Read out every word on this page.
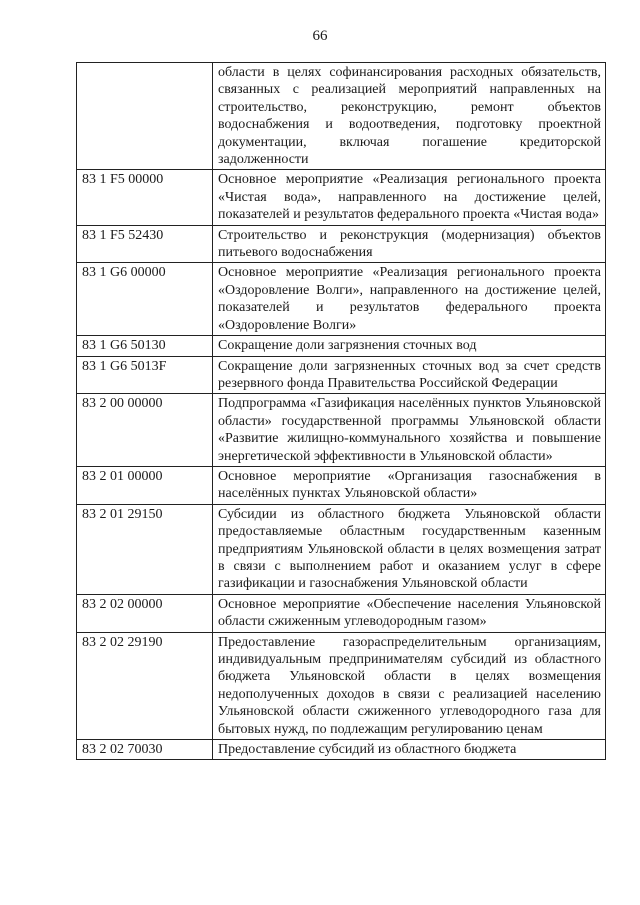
66
	области в целях софинансирования расходных обязательств, связанных с реализацией мероприятий направленных на строительство, реконструкцию, ремонт объектов водоснабжения и водоотведения, подготовку проектной документации, включая погашение кредиторской задолженности
83 1 F5 00000	Основное мероприятие «Реализация регионального проекта «Чистая вода», направленного на достижение целей, показателей и результатов федерального проекта «Чистая вода»
83 1 F5 52430	Строительство и реконструкция (модернизация) объектов питьевого водоснабжения
83 1 G6 00000	Основное мероприятие «Реализация регионального проекта «Оздоровление Волги», направленного на достижение целей, показателей и результатов федерального проекта «Оздоровление Волги»
83 1 G6 50130	Сокращение доли загрязнения сточных вод
83 1 G6 5013F	Сокращение доли загрязненных сточных вод за счет средств резервного фонда Правительства Российской Федерации
83 2 00 00000	Подпрограмма «Газификация населённых пунктов Ульяновской области» государственной программы Ульяновской области «Развитие жилищно-коммунального хозяйства и повышение энергетической эффективности в Ульяновской области»
83 2 01 00000	Основное мероприятие «Организация газоснабжения в населённых пунктах Ульяновской области»
83 2 01 29150	Субсидии из областного бюджета Ульяновской области предоставляемые областным государственным казенным предприятиям Ульяновской области в целях возмещения затрат в связи с выполнением работ и оказанием услуг в сфере газификации и газоснабжения Ульяновской области
83 2 02 00000	Основное мероприятие «Обеспечение населения Ульяновской области сжиженным углеводородным газом»
83 2 02 29190	Предоставление газораспределительным организациям, индивидуальным предпринимателям субсидий из областного бюджета Ульяновской области в целях возмещения недополученных доходов в связи с реализацией населению Ульяновской области сжиженного углеводородного газа для бытовых нужд, по подлежащим регулированию ценам
83 2 02 70030	Предоставление субсидий из областного бюджета
